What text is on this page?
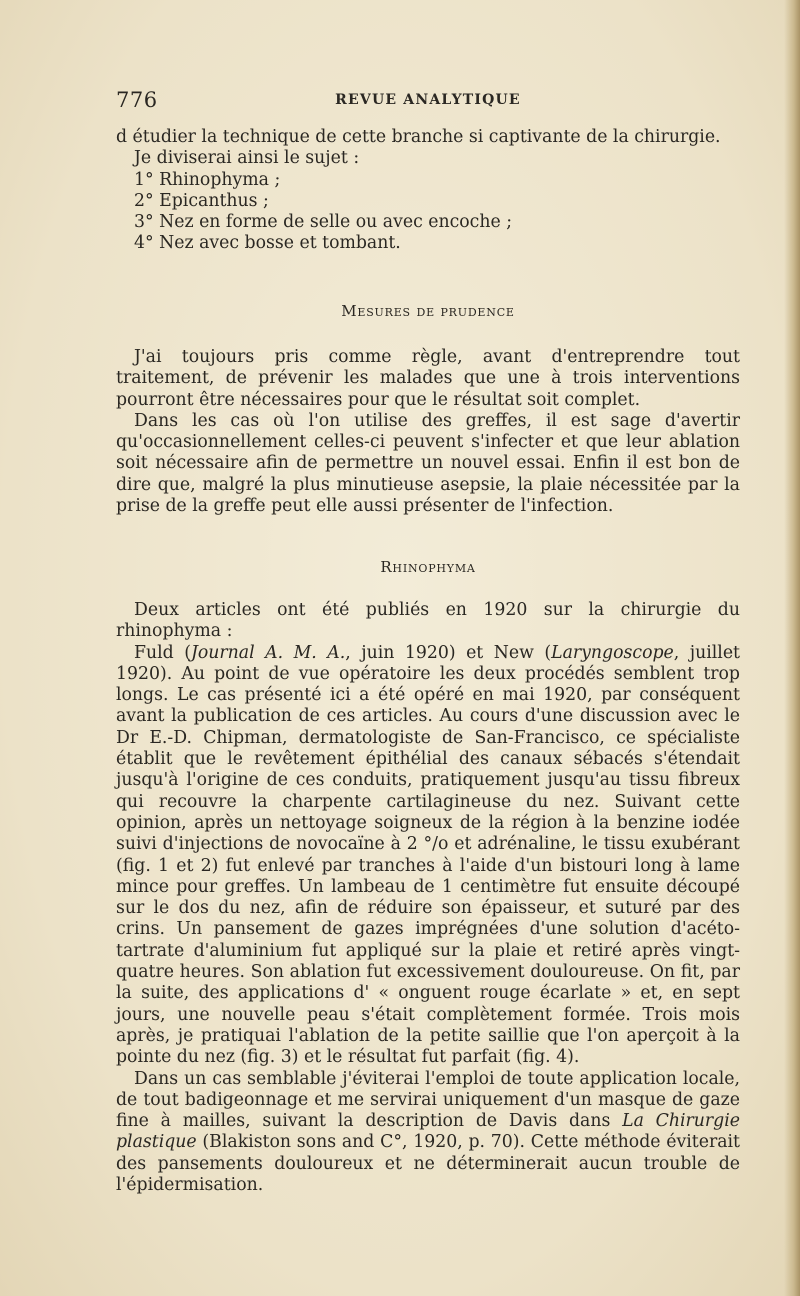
776	REVUE ANALYTIQUE

d étudier la technique de cette branche si captivante de la chirurgie.

Je diviserai ainsi le sujet :

1° Rhinophyma ;

2° Epicanthus ;

3° Nez en forme de selle ou avec encoche ;

4° Nez avec bosse et tombant.

Mesures de prudence

J'ai toujours pris comme règle, avant d'entreprendre tout traitement, de prévenir les malades que une à trois interventions pourront être nécessaires pour que le résultat soit complet.

Dans les cas où l'on utilise des greffes, il est sage d'avertir qu'occasionnellement celles-ci peuvent s'infecter et que leur ablation soit nécessaire afin de permettre un nouvel essai. Enfin il est bon de dire que, malgré la plus minutieuse asepsie, la plaie nécessitée par la prise de la greffe peut elle aussi présenter de l'infection.

Rhinophyma

Deux articles ont été publiés en 1920 sur la chirurgie du rhinophyma :

Fuld (Journal A. M. A., juin 1920) et New (Laryngoscope, juillet 1920). Au point de vue opératoire les deux procédés semblent trop longs. Le cas présenté ici a été opéré en mai 1920, par conséquent avant la publication de ces articles. Au cours d'une discussion avec le Dr E.-D. Chipman, dermatologiste de San-Francisco, ce spécialiste établit que le revêtement épithélial des canaux sébacés s'étendait jusqu'à l'origine de ces conduits, pratiquement jusqu'au tissu fibreux qui recouvre la charpente cartilagineuse du nez. Suivant cette opinion, après un nettoyage soigneux de la région à la benzine iodée suivi d'injections de novocaïne à 2 °/o et adrénaline, le tissu exubérant (fig. 1 et 2) fut enlevé par tranches à l'aide d'un bistouri long à lame mince pour greffes. Un lambeau de 1 centimètre fut ensuite découpé sur le dos du nez, afin de réduire son épaisseur, et suturé par des crins. Un pansement de gazes imprégnées d'une solution d'acéto-tartrate d'aluminium fut appliqué sur la plaie et retiré après vingt-quatre heures. Son ablation fut excessivement douloureuse. On fit, par la suite, des applications d' « onguent rouge écarlate » et, en sept jours, une nouvelle peau s'était complètement formée. Trois mois après, je pratiquai l'ablation de la petite saillie que l'on aperçoit à la pointe du nez (fig. 3) et le résultat fut parfait (fig. 4).

Dans un cas semblable j'éviterai l'emploi de toute application locale, de tout badigeonnage et me servirai uniquement d'un masque de gaze fine à mailles, suivant la description de Davis dans La Chirurgie plastique (Blakiston sons and C°, 1920, p. 70). Cette méthode éviterait des pansements douloureux et ne déterminerait aucun trouble de l'épidermisation.
